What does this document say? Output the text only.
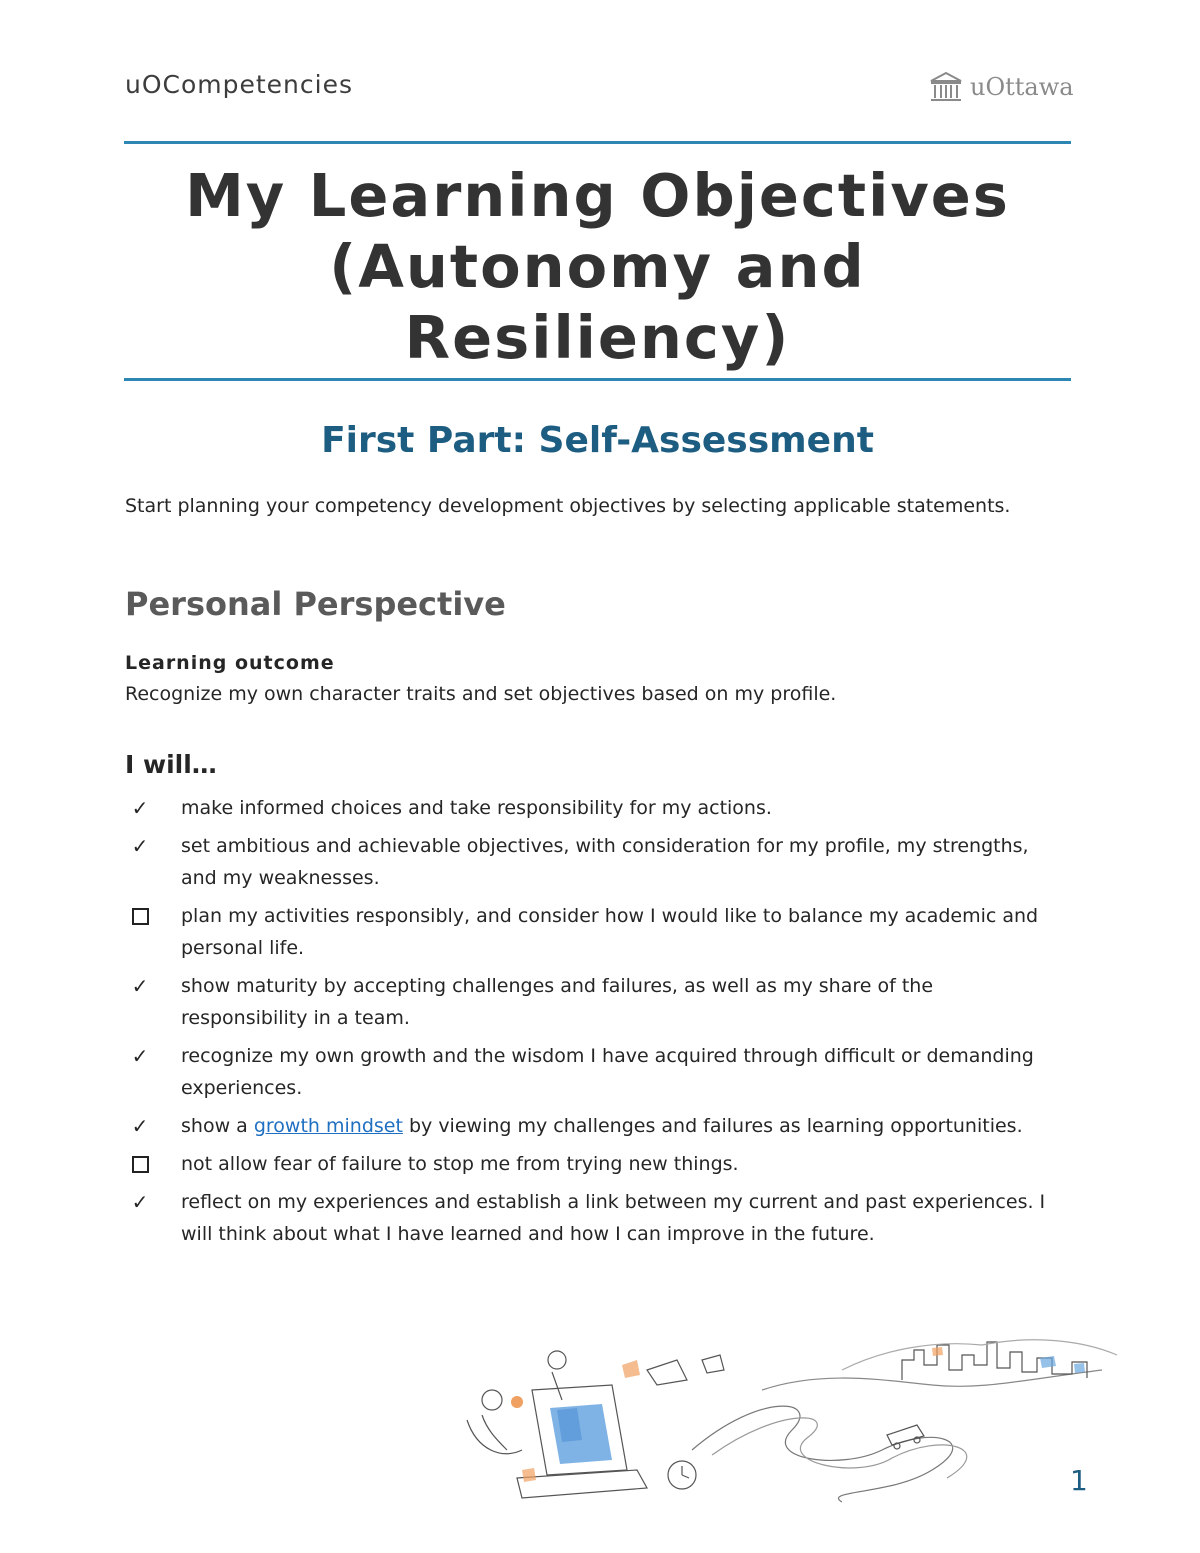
uOCompetencies	uOttawa
My Learning Objectives
(Autonomy and
Resiliency)
First Part: Self-Assessment

Start planning your competency development objectives by selecting applicable statements.

Personal Perspective
Learning outcome
Recognize my own character traits and set objectives based on my profile.
I will…
✓ make informed choices and take responsibility for my actions.
✓ set ambitious and achievable objectives, with consideration for my profile, my strengths, and my weaknesses.
plan my activities responsibly, and consider how I would like to balance my academic and personal life.
✓ show maturity by accepting challenges and failures, as well as my share of the responsibility in a team.
✓ recognize my own growth and the wisdom I have acquired through difficult or demanding experiences.
✓ show a growth mindset by viewing my challenges and failures as learning opportunities.
not allow fear of failure to stop me from trying new things.
✓ reflect on my experiences and establish a link between my current and past experiences. I will think about what I have learned and how I can improve in the future.
1
